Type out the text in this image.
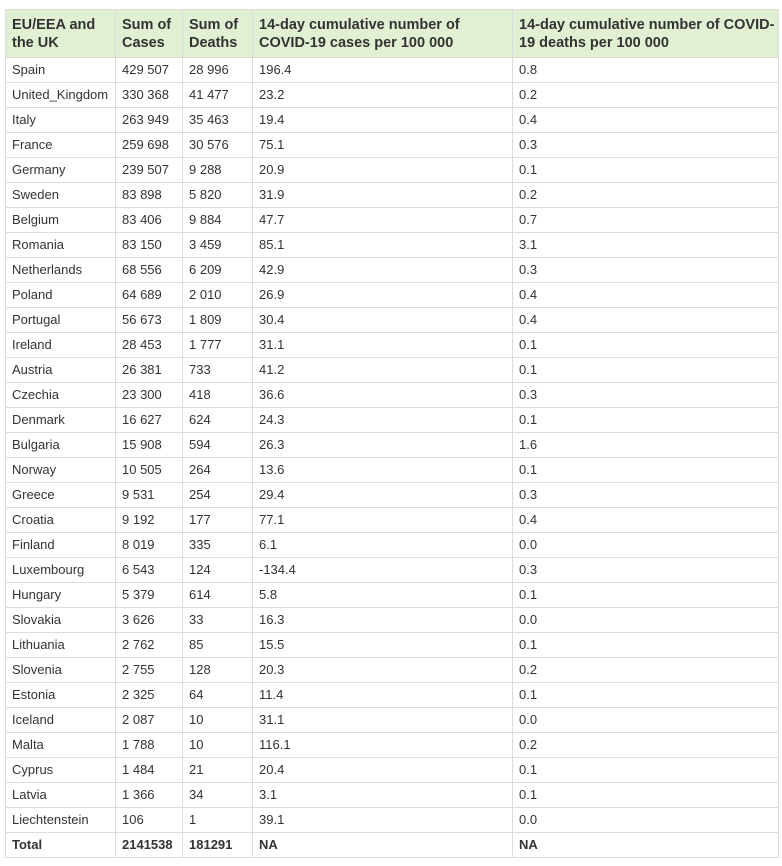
EU/EEA and the UK	Sum of Cases	Sum of Deaths	14-day cumulative number of COVID-19 cases per 100 000	14-day cumulative number of COVID-19 deaths per 100 000
Spain	429 507	28 996	196.4	0.8
United_Kingdom	330 368	41 477	23.2	0.2
Italy	263 949	35 463	19.4	0.4
France	259 698	30 576	75.1	0.3
Germany	239 507	9 288	20.9	0.1
Sweden	83 898	5 820	31.9	0.2
Belgium	83 406	9 884	47.7	0.7
Romania	83 150	3 459	85.1	3.1
Netherlands	68 556	6 209	42.9	0.3
Poland	64 689	2 010	26.9	0.4
Portugal	56 673	1 809	30.4	0.4
Ireland	28 453	1 777	31.1	0.1
Austria	26 381	733	41.2	0.1
Czechia	23 300	418	36.6	0.3
Denmark	16 627	624	24.3	0.1
Bulgaria	15 908	594	26.3	1.6
Norway	10 505	264	13.6	0.1
Greece	9 531	254	29.4	0.3
Croatia	9 192	177	77.1	0.4
Finland	8 019	335	6.1	0.0
Luxembourg	6 543	124	-134.4	0.3
Hungary	5 379	614	5.8	0.1
Slovakia	3 626	33	16.3	0.0
Lithuania	2 762	85	15.5	0.1
Slovenia	2 755	128	20.3	0.2
Estonia	2 325	64	11.4	0.1
Iceland	2 087	10	31.1	0.0
Malta	1 788	10	116.1	0.2
Cyprus	1 484	21	20.4	0.1
Latvia	1 366	34	3.1	0.1
Liechtenstein	106	1	39.1	0.0
Total	2141538	181291	NA	NA
